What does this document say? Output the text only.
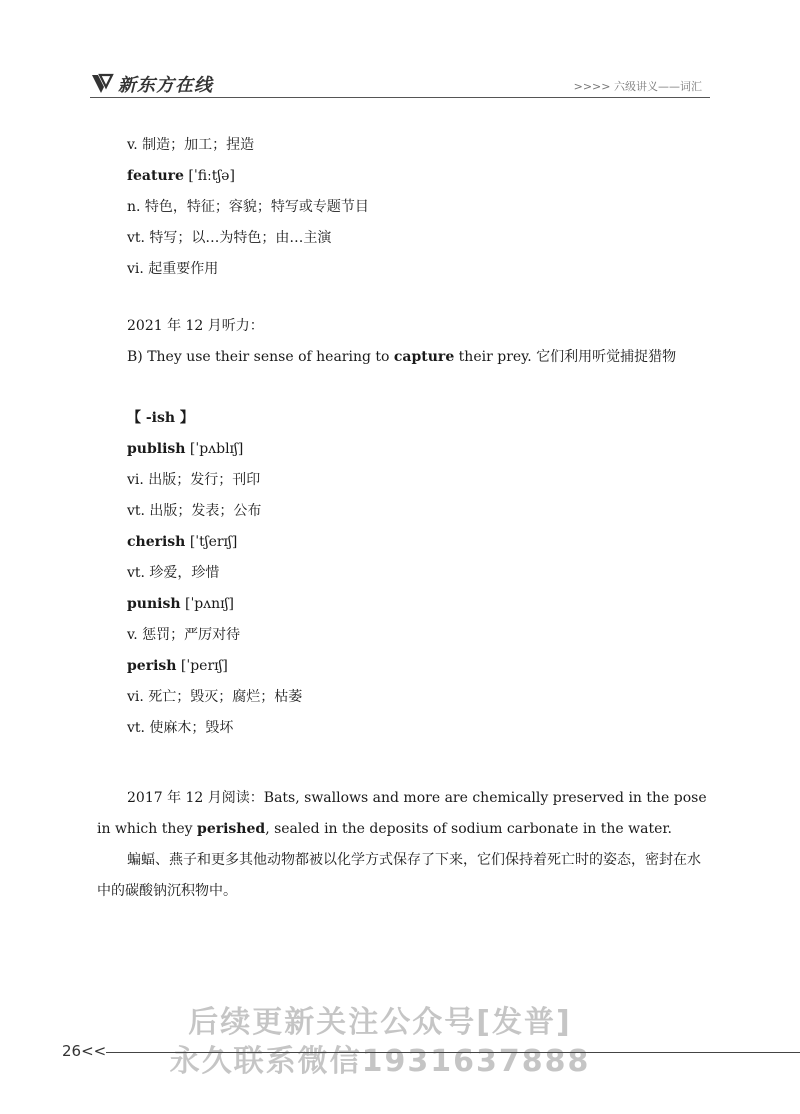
新东方在线	>>>> 六级讲义——词汇
v. 制造；加工；捏造
feature [ˈfiːtʃə]
n. 特色，特征；容貌；特写或专题节目
vt. 特写；以…为特色；由…主演
vi. 起重要作用
2021 年 12 月听力：
B) They use their sense of hearing to capture their prey. 它们利用听觉捕捉猎物
【 -ish 】
publish [ˈpʌblɪʃ]
vi. 出版；发行；刊印
vt. 出版；发表；公布
cherish [ˈtʃerɪʃ]
vt. 珍爱，珍惜
punish [ˈpʌnɪʃ]
v. 惩罚；严厉对待
perish [ˈperɪʃ]
vi. 死亡；毁灭；腐烂；枯萎
vt. 使麻木；毁坏
2017 年 12 月阅读：Bats, swallows and more are chemically preserved in the pose in which they perished, sealed in the deposits of sodium carbonate in the water.
蝙蝠、燕子和更多其他动物都被以化学方式保存了下来，它们保持着死亡时的姿态，密封在水中的碳酸钠沉积物中。
后续更新关注公众号[发普]
永久联系微信1931637888
26<<
